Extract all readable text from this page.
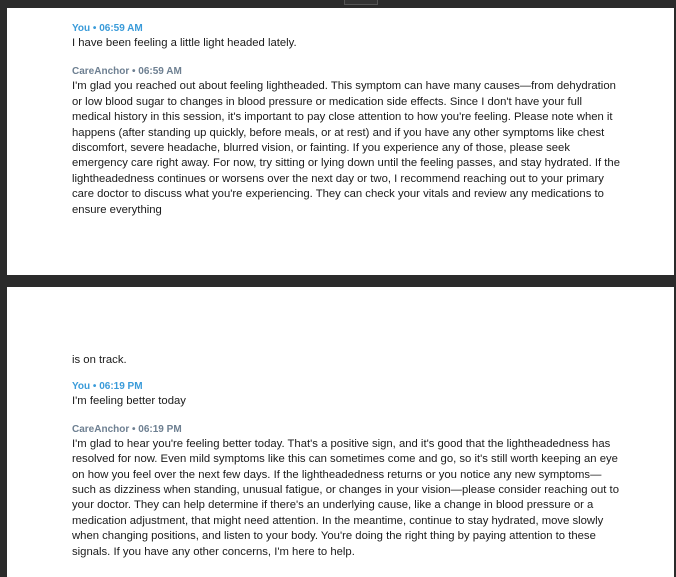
You • 06:59 AM

I have been feeling a little light headed lately.

CareAnchor • 06:59 AM

I'm glad you reached out about feeling lightheaded. This symptom can have many causes—from dehydration or low blood sugar to changes in blood pressure or medication side effects. Since I don't have your full medical history in this session, it's important to pay close attention to how you're feeling. Please note when it happens (after standing up quickly, before meals, or at rest) and if you have any other symptoms like chest discomfort, severe headache, blurred vision, or fainting. If you experience any of those, please seek emergency care right away. For now, try sitting or lying down until the feeling passes, and stay hydrated. If the lightheadedness continues or worsens over the next day or two, I recommend reaching out to your primary care doctor to discuss what you're experiencing. They can check your vitals and review any medications to ensure everything

is on track.

You • 06:19 PM

I'm feeling better today

CareAnchor • 06:19 PM

I'm glad to hear you're feeling better today. That's a positive sign, and it's good that the lightheadedness has resolved for now. Even mild symptoms like this can sometimes come and go, so it's still worth keeping an eye on how you feel over the next few days. If the lightheadedness returns or you notice any new symptoms—such as dizziness when standing, unusual fatigue, or changes in your vision—please consider reaching out to your doctor. They can help determine if there's an underlying cause, like a change in blood pressure or a medication adjustment, that might need attention. In the meantime, continue to stay hydrated, move slowly when changing positions, and listen to your body. You're doing the right thing by paying attention to these signals. If you have any other concerns, I'm here to help.
